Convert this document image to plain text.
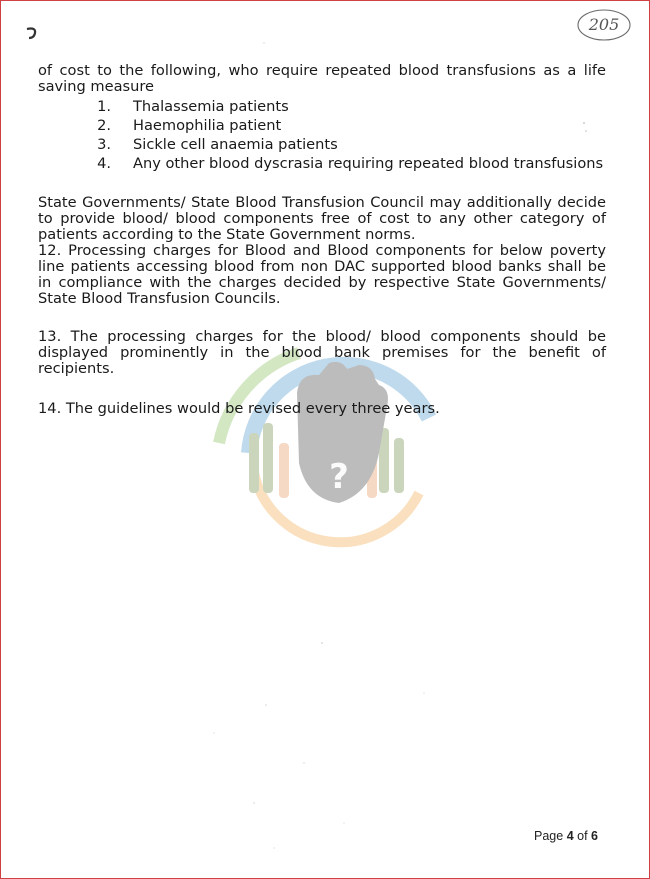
?
205

of cost to the following, who require repeated blood transfusions as a life saving measure

1.	Thalassemia patients
2.	Haemophilia patient
3.	Sickle cell anaemia patients
4.	Any other blood dyscrasia requiring repeated blood transfusions

State Governments/ State Blood Transfusion Council may additionally decide to provide blood/ blood components free of cost to any other category of patients according to the State Government norms.

12. Processing charges for Blood and Blood components for below poverty line patients accessing blood from non DAC supported blood banks shall be in compliance with the charges decided by respective State Governments/ State Blood Transfusion Councils.

13. The processing charges for the blood/ blood components should be displayed prominently in the blood bank premises for the benefit of recipients.

14. The guidelines would be revised every three years.

Page 4 of 6
